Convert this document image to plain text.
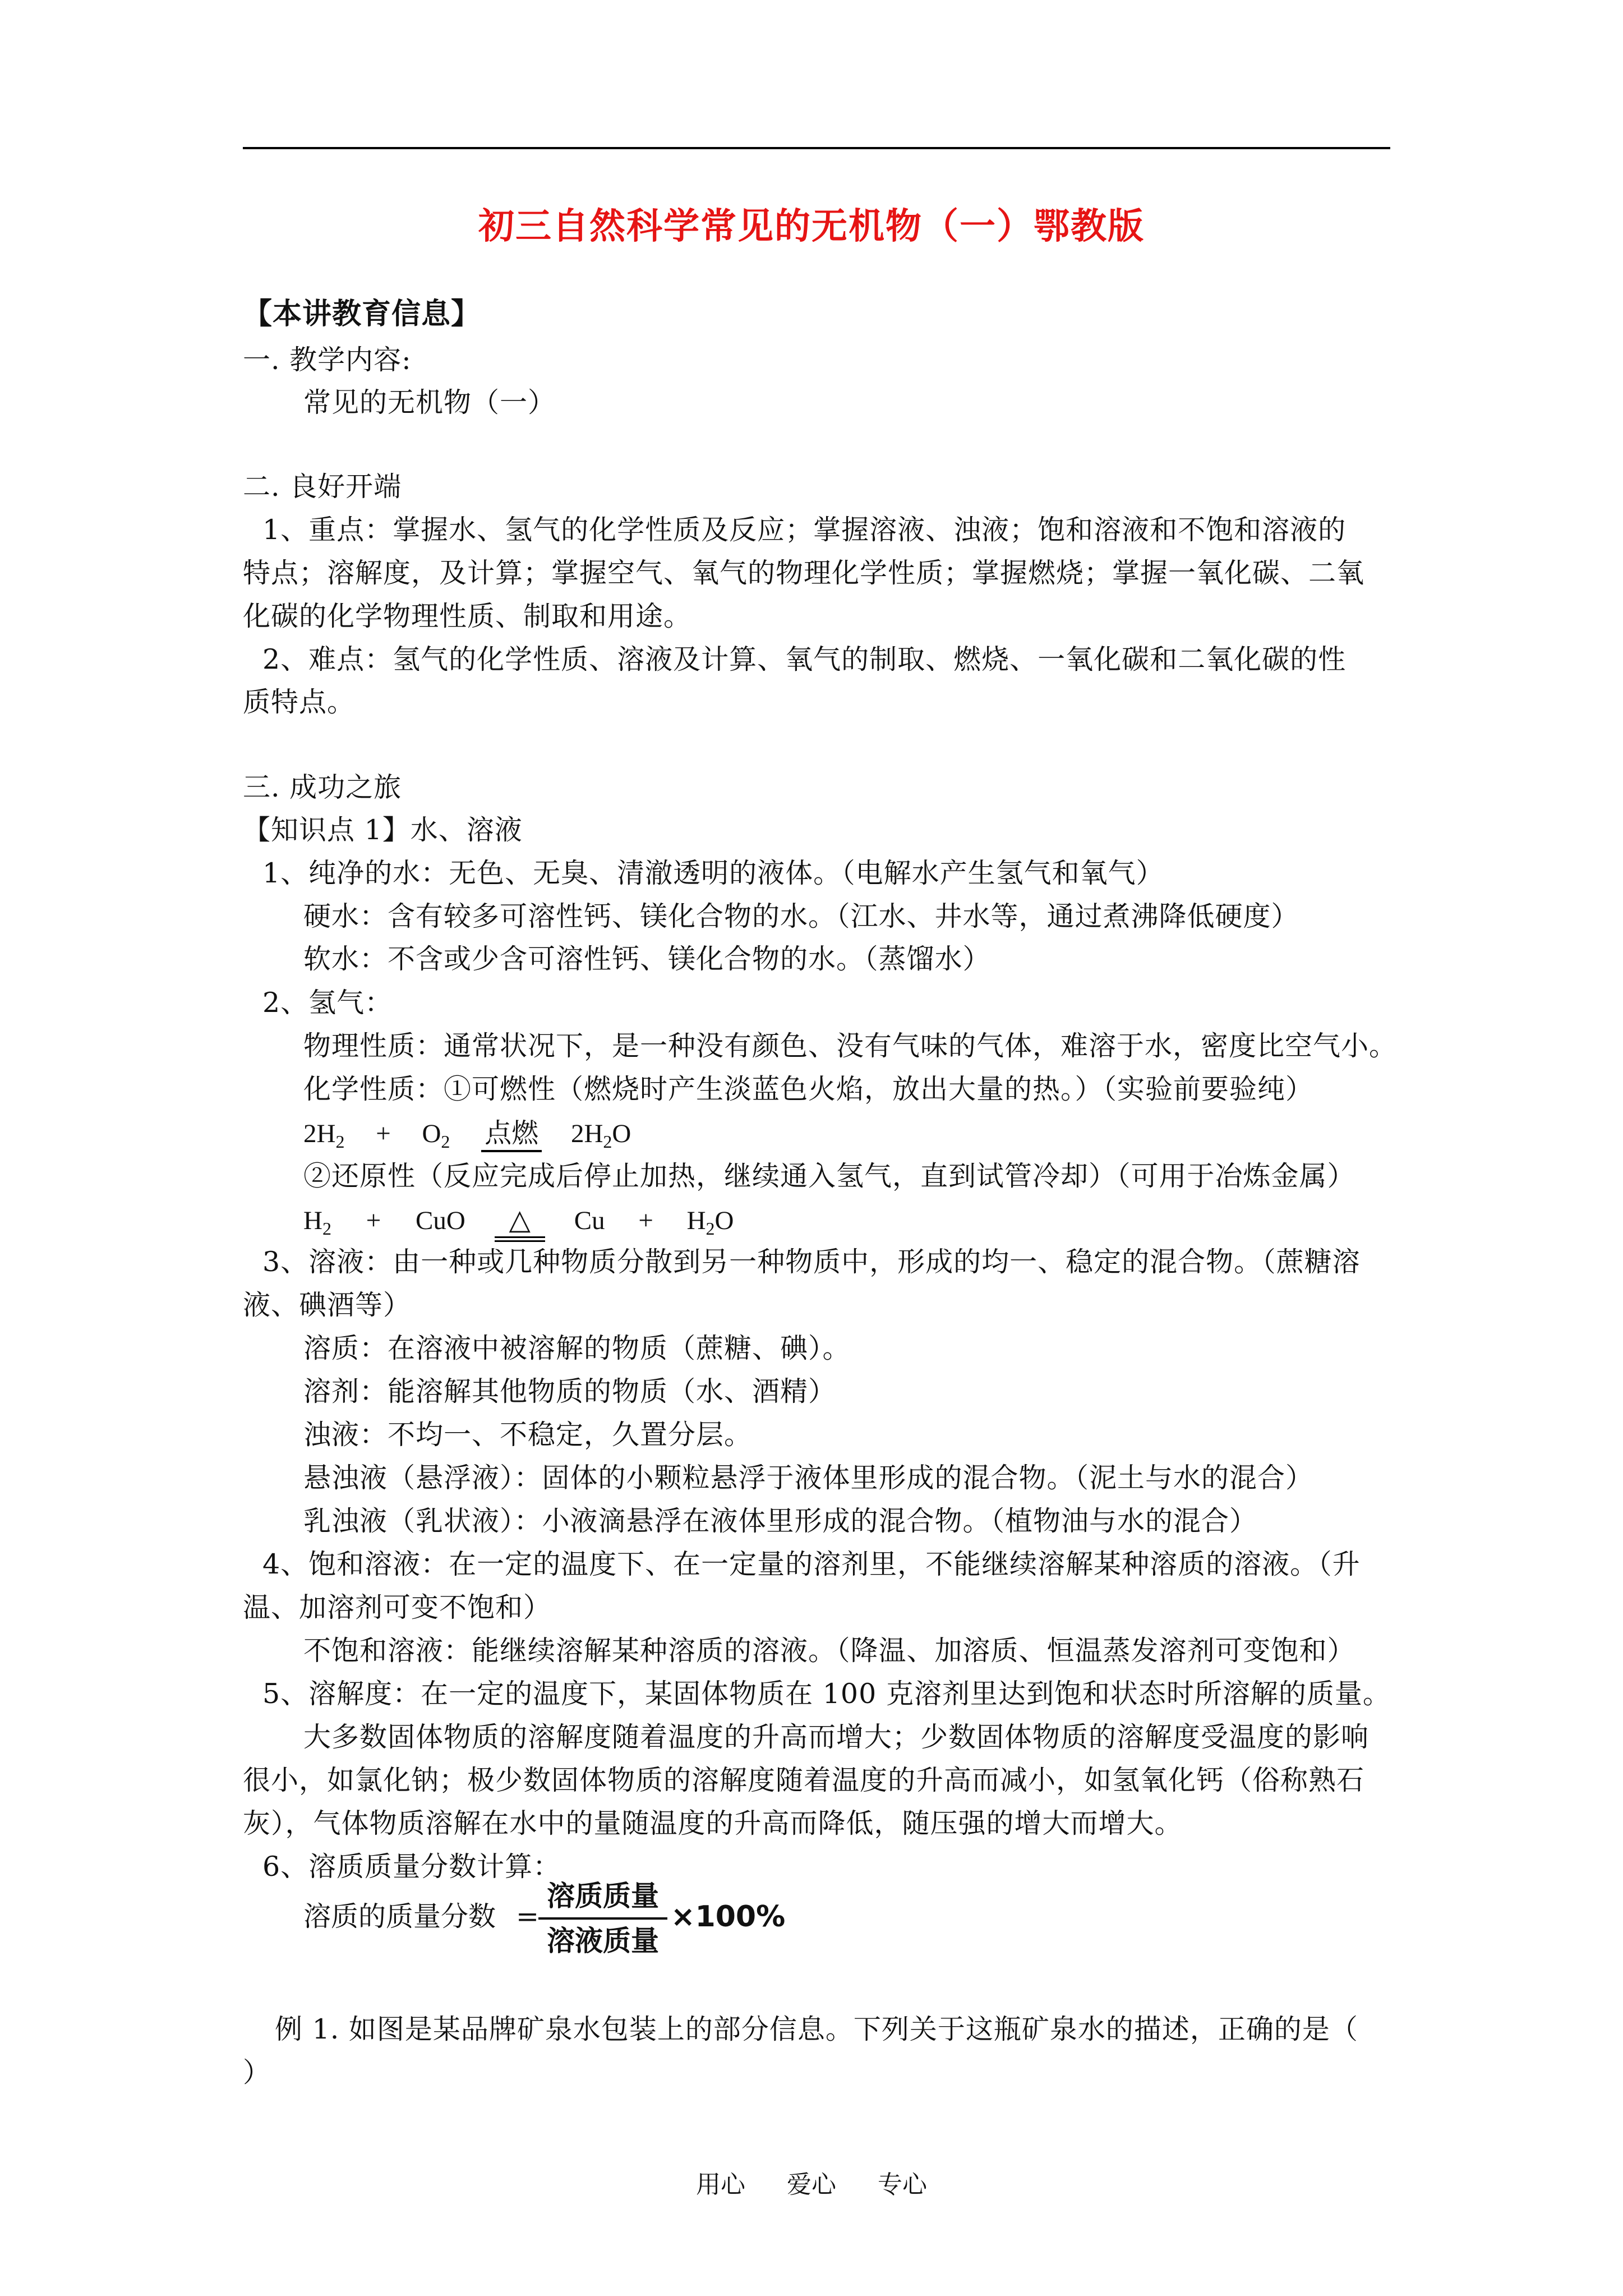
初三自然科学常见的无机物（一）鄂教版
【本讲教育信息】
一. 教学内容:
常见的无机物（一）
二. 良好开端
1、重点：掌握水、氢气的化学性质及反应；掌握溶液、浊液；饱和溶液和不饱和溶液的
特点；溶解度，及计算；掌握空气、氧气的物理化学性质；掌握燃烧；掌握一氧化碳、二氧
化碳的化学物理性质、制取和用途。
2、难点：氢气的化学性质、溶液及计算、氧气的制取、燃烧、一氧化碳和二氧化碳的性
质特点。
三. 成功之旅
【知识点 1】水、溶液
1、纯净的水：无色、无臭、清澈透明的液体。（电解水产生氢气和氧气）
硬水：含有较多可溶性钙、镁化合物的水。（江水、井水等，通过煮沸降低硬度）
软水：不含或少含可溶性钙、镁化合物的水。（蒸馏水）
2、氢气：
物理性质：通常状况下，是一种没有颜色、没有气味的气体，难溶于水，密度比空气小。
化学性质：①可燃性（燃烧时产生淡蓝色火焰，放出大量的热。）（实验前要验纯）
2H2 + O2 点燃 2H2O
②还原性（反应完成后停止加热，继续通入氢气，直到试管冷却）（可用于冶炼金属）
H2 + CuO △ Cu + H2O
3、溶液：由一种或几种物质分散到另一种物质中，形成的均一、稳定的混合物。（蔗糖溶
液、碘酒等）
溶质：在溶液中被溶解的物质（蔗糖、碘）。
溶剂：能溶解其他物质的物质（水、酒精）
浊液：不均一、不稳定，久置分层。
悬浊液（悬浮液）：固体的小颗粒悬浮于液体里形成的混合物。（泥土与水的混合）
乳浊液（乳状液）：小液滴悬浮在液体里形成的混合物。（植物油与水的混合）
4、饱和溶液：在一定的温度下、在一定量的溶剂里，不能继续溶解某种溶质的溶液。（升
温、加溶剂可变不饱和）
不饱和溶液：能继续溶解某种溶质的溶液。（降温、加溶质、恒温蒸发溶剂可变饱和）
5、溶解度：在一定的温度下，某固体物质在 100 克溶剂里达到饱和状态时所溶解的质量。
大多数固体物质的溶解度随着温度的升高而增大；少数固体物质的溶解度受温度的影响
很小，如氯化钠；极少数固体物质的溶解度随着温度的升高而减小，如氢氧化钙（俗称熟石
灰），气体物质溶解在水中的量随温度的升高而降低，随压强的增大而增大。
6、溶质质量分数计算：
溶质的质量分数 =
溶质质量
溶液质量
×100%
例 1. 如图是某品牌矿泉水包装上的部分信息。下列关于这瓶矿泉水的描述，正确的是（
）
用心 爱心 专心
